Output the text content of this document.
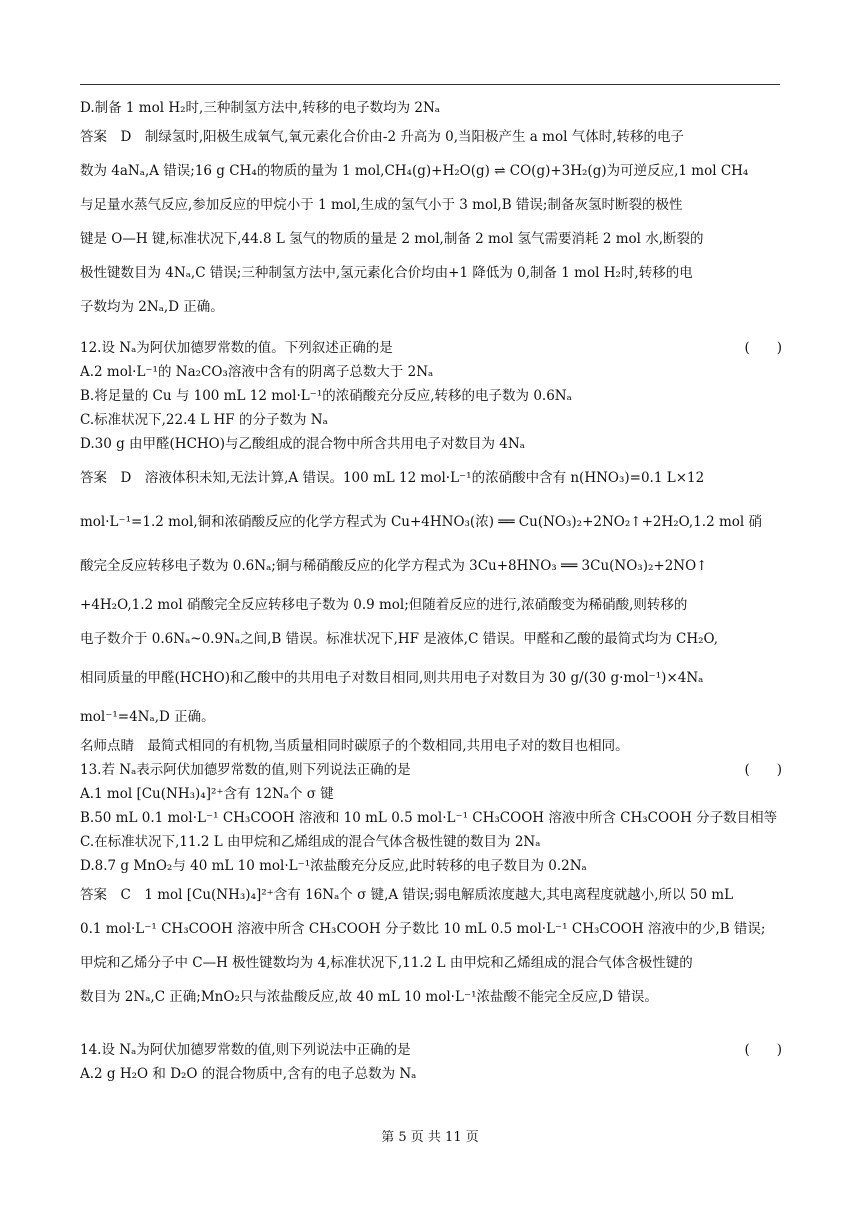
D.制备 1 mol H₂时,三种制氢方法中,转移的电子数均为 2Nₐ
答案　D　制绿氢时,阳极生成氧气,氧元素化合价由-2 升高为 0,当阳极产生 a mol 气体时,转移的电子
数为 4aNₐ,A 错误;16 g CH₄的物质的量为 1 mol,CH₄(g)+H₂O(g) ⇌ CO(g)+3H₂(g)为可逆反应,1 mol CH₄
与足量水蒸气反应,参加反应的甲烷小于 1 mol,生成的氢气小于 3 mol,B 错误;制备灰氢时断裂的极性
键是 O—H 键,标准状况下,44.8 L 氢气的物质的量是 2 mol,制备 2 mol 氢气需要消耗 2 mol 水,断裂的
极性键数目为 4Nₐ,C 错误;三种制氢方法中,氢元素化合价均由+1 降低为 0,制备 1 mol H₂时,转移的电
子数均为 2Nₐ,D 正确。
12.设 Nₐ为阿伏加德罗常数的值。下列叙述正确的是	(　　)
A.2 mol·L⁻¹的 Na₂CO₃溶液中含有的阴离子总数大于 2Nₐ
B.将足量的 Cu 与 100 mL 12 mol·L⁻¹的浓硝酸充分反应,转移的电子数为 0.6Nₐ
C.标准状况下,22.4 L HF 的分子数为 Nₐ
D.30 g 由甲醛(HCHO)与乙酸组成的混合物中所含共用电子对数目为 4Nₐ
答案　D　溶液体积未知,无法计算,A 错误。100 mL 12 mol·L⁻¹的浓硝酸中含有 n(HNO₃)=0.1 L×12
mol·L⁻¹=1.2 mol,铜和浓硝酸反应的化学方程式为 Cu+4HNO₃(浓) ══ Cu(NO₃)₂+2NO₂↑+2H₂O,1.2 mol 硝
酸完全反应转移电子数为 0.6Nₐ;铜与稀硝酸反应的化学方程式为 3Cu+8HNO₃ ══ 3Cu(NO₃)₂+2NO↑
+4H₂O,1.2 mol 硝酸完全反应转移电子数为 0.9 mol;但随着反应的进行,浓硝酸变为稀硝酸,则转移的
电子数介于 0.6Nₐ~0.9Nₐ之间,B 错误。标准状况下,HF 是液体,C 错误。甲醛和乙酸的最简式均为 CH₂O,
相同质量的甲醛(HCHO)和乙酸中的共用电子对数目相同,则共用电子对数目为 30 g/(30 g·mol⁻¹)×4Nₐ
mol⁻¹=4Nₐ,D 正确。
名师点睛　最简式相同的有机物,当质量相同时碳原子的个数相同,共用电子对的数目也相同。
13.若 Nₐ表示阿伏加德罗常数的值,则下列说法正确的是	(　　)
A.1 mol [Cu(NH₃)₄]²⁺含有 12Nₐ个 σ 键
B.50 mL 0.1 mol·L⁻¹ CH₃COOH 溶液和 10 mL 0.5 mol·L⁻¹ CH₃COOH 溶液中所含 CH₃COOH 分子数目相等
C.在标准状况下,11.2 L 由甲烷和乙烯组成的混合气体含极性键的数目为 2Nₐ
D.8.7 g MnO₂与 40 mL 10 mol·L⁻¹浓盐酸充分反应,此时转移的电子数目为 0.2Nₐ
答案　C　1 mol [Cu(NH₃)₄]²⁺含有 16Nₐ个 σ 键,A 错误;弱电解质浓度越大,其电离程度就越小,所以 50 mL
0.1 mol·L⁻¹ CH₃COOH 溶液中所含 CH₃COOH 分子数比 10 mL 0.5 mol·L⁻¹ CH₃COOH 溶液中的少,B 错误;
甲烷和乙烯分子中 C—H 极性键数均为 4,标准状况下,11.2 L 由甲烷和乙烯组成的混合气体含极性键的
数目为 2Nₐ,C 正确;MnO₂只与浓盐酸反应,故 40 mL 10 mol·L⁻¹浓盐酸不能完全反应,D 错误。
14.设 Nₐ为阿伏加德罗常数的值,则下列说法中正确的是	(　　)
A.2 g H₂O 和 D₂O 的混合物质中,含有的电子总数为 Nₐ
第 5 页 共 11 页
